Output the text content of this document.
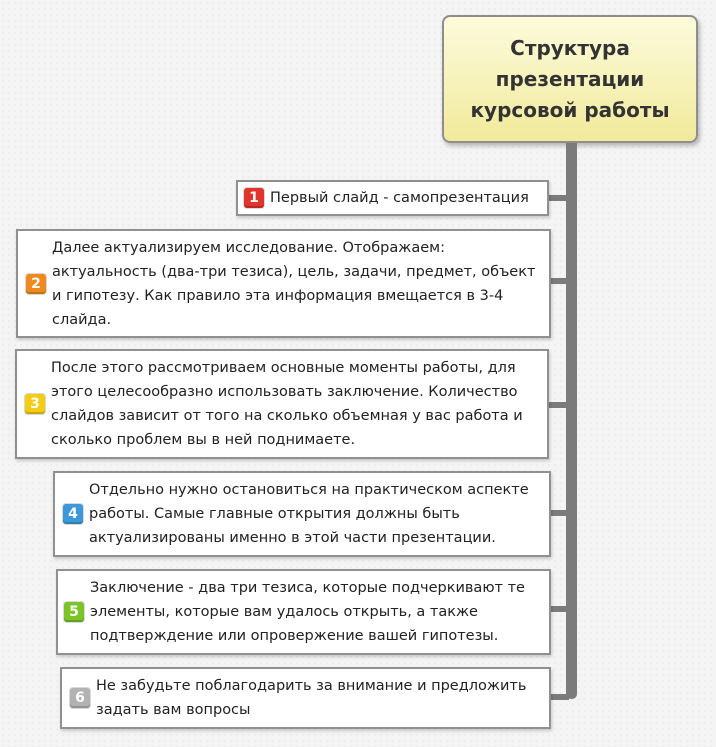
Структура презентации курсовой работы
1 Первый слайд - самопрезентация
2
Далее актуализируем исследование. Отображаем: актуальность (два-три тезиса), цель, задачи, предмет, объект и гипотезу. Как правило эта информация вмещается в 3-4 слайда.
3
После этого рассмотриваем основные моменты работы, для этого целесообразно использовать заключение. Количество слайдов зависит от того на сколько объемная у вас работа и сколько проблем вы в ней поднимаете.
4
Отдельно нужно остановиться на практическом аспекте работы. Самые главные открытия должны быть актуализированы именно в этой части презентации.
5
Заключение - два три тезиса, которые подчеркивают те элементы, которые вам удалось открыть, а также подтверждение или опровержение вашей гипотезы.
6
Не забудьте поблагодарить за внимание и предложить задать вам вопросы
